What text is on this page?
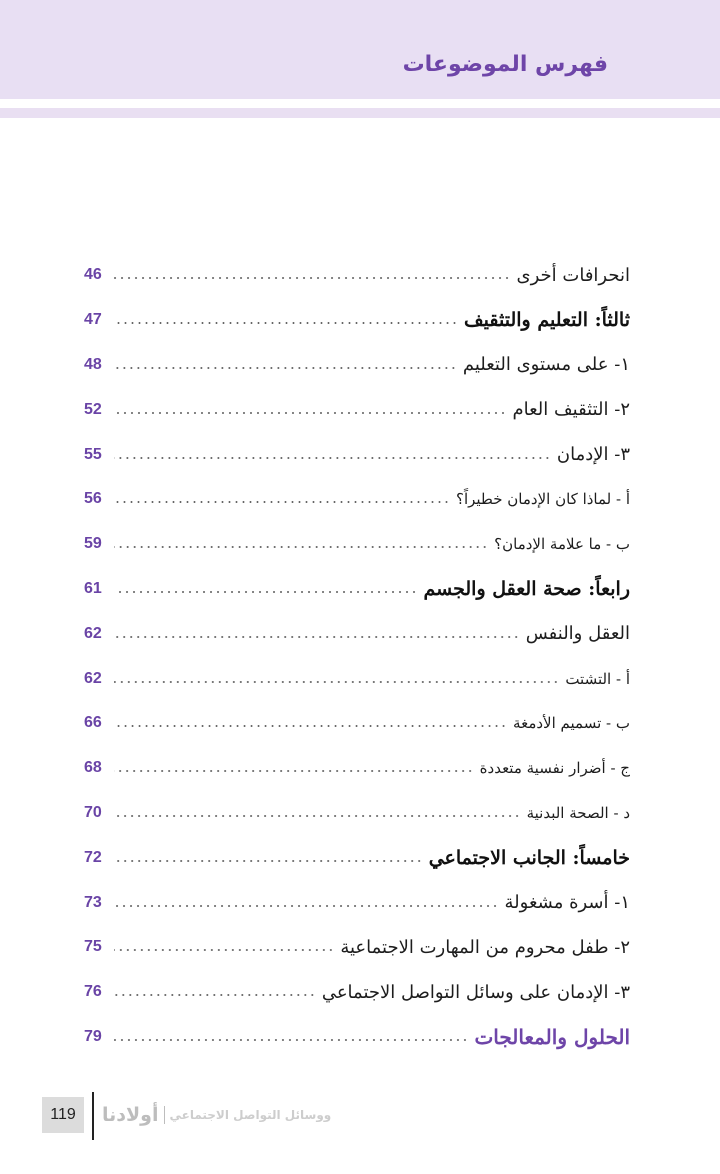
فهرس الموضوعات
انحرافات أخرى
46
ثالثاً: التعليم والتثقيف
47
١- على مستوى التعليم
48
٢- التثقيف العام
52
٣- الإدمان
55
أ - لماذا كان الإدمان خطيراً؟
56
ب - ما علامة الإدمان؟
59
رابعاً: صحة العقل والجسم
61
العقل والنفس
62
أ - التشتت
62
ب - تسميم الأدمغة
66
ج - أضرار نفسية متعددة
68
د - الصحة البدنية
70
خامساً: الجانب الاجتماعي
72
١- أسرة مشغولة
73
٢- طفل محروم من المهارت الاجتماعية
75
٣- الإدمان على وسائل التواصل الاجتماعي
76
الحلول والمعالجات
79
119	أولادنا ووسائل التواصل الاجتماعي
